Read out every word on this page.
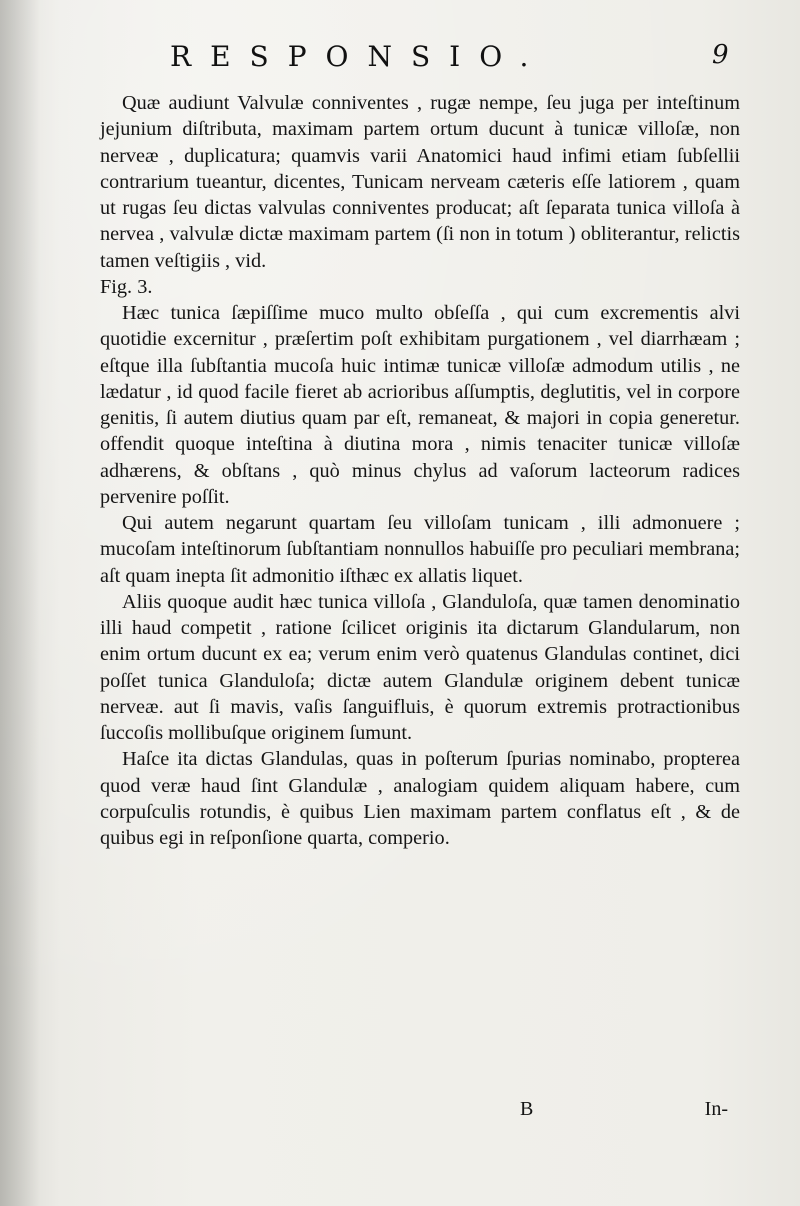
RESPONSIO.	9

Quæ audiunt Valvulæ conniventes , rugæ nempe, ſeu juga per inteſtinum jejunium diſtributa, maximam partem ortum ducunt à tunicæ villoſæ, non nerveæ , duplicatura; quamvis varii Anatomici haud infimi etiam ſubſellii contrarium tueantur, dicentes, Tunicam nerveam cæteris eſſe latiorem , quam ut rugas ſeu dictas valvulas conniventes producat; aſt ſeparata tunica villoſa à nervea , valvulæ dictæ maximam partem (ſi non in totum ) obliterantur, relictis tamen veſtigiis , vid.
Fig. 3.

Hæc tunica ſæpiſſime muco multo obſeſſa , qui cum excrementis alvi quotidie excernitur , præſertim poſt exhibitam purgationem , vel diarrhæam ; eſtque illa ſubſtantia mucoſa huic intimæ tunicæ villoſæ admodum utilis , ne lædatur , id quod facile fieret ab acrioribus aſſumptis, deglutitis, vel in corpore genitis, ſi autem diutius quam par eſt, remaneat, & majori in copia generetur. offendit quoque inteſtina à diutina mora , nimis tenaciter tunicæ villoſæ adhærens, & obſtans , quò minus chylus ad vaſorum lacteorum radices pervenire poſſit.

Qui autem negarunt quartam ſeu villoſam tunicam , illi admonuere ; mucoſam inteſtinorum ſubſtantiam nonnullos habuiſſe pro peculiari membrana; aſt quam inepta ſit admonitio iſthæc ex allatis liquet.

Aliis quoque audit hæc tunica villoſa , Glanduloſa, quæ tamen denominatio illi haud competit , ratione ſcilicet originis ita dictarum Glandularum, non enim ortum ducunt ex ea; verum enim verò quatenus Glandulas continet, dici poſſet tunica Glanduloſa; dictæ autem Glandulæ originem debent tunicæ nerveæ. aut ſi mavis, vaſis ſanguifluis, è quorum extremis protractionibus ſuccoſis mollibuſque originem ſumunt.

Haſce ita dictas Glandulas, quas in poſterum ſpurias nominabo, propterea quod veræ haud ſint Glandulæ , analogiam quidem aliquam habere, cum corpuſculis rotundis, è quibus Lien maximam partem conflatus eſt , & de quibus egi in reſponſione quarta, comperio.

B	In-
